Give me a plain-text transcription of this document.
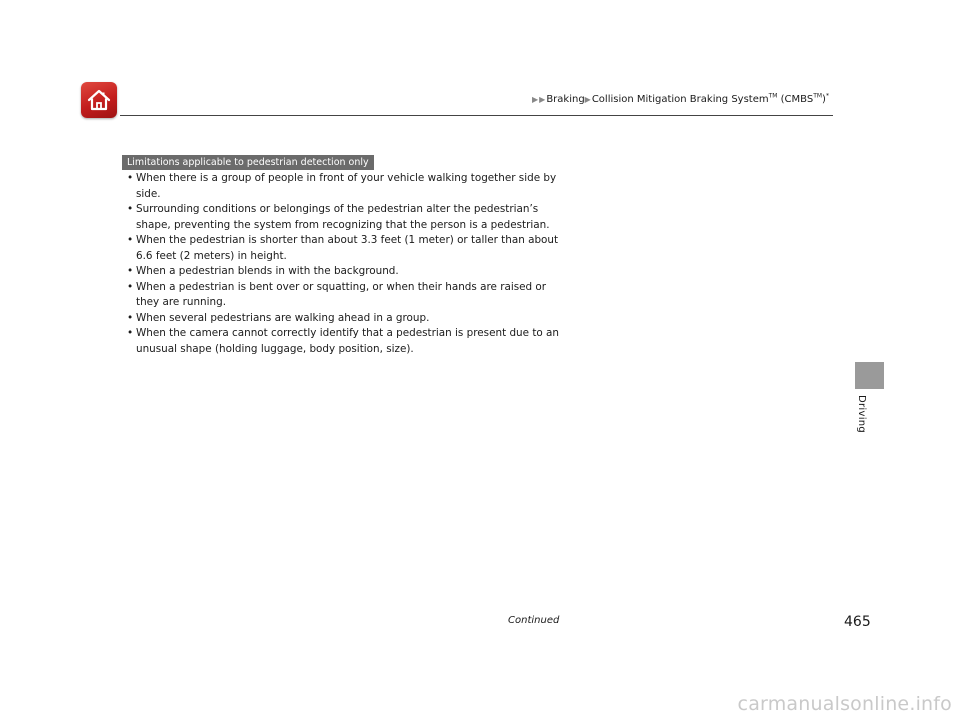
▶ ▶ Braking ▶ Collision Mitigation Braking System™ (CMBS™)*
Limitations applicable to pedestrian detection only
• When there is a group of people in front of your vehicle walking together side by side.
• Surrounding conditions or belongings of the pedestrian alter the pedestrian’s shape, preventing the system from recognizing that the person is a pedestrian.
• When the pedestrian is shorter than about 3.3 feet (1 meter) or taller than about 6.6 feet (2 meters) in height.
• When a pedestrian blends in with the background.
• When a pedestrian is bent over or squatting, or when their hands are raised or they are running.
• When several pedestrians are walking ahead in a group.
• When the camera cannot correctly identify that a pedestrian is present due to an unusual shape (holding luggage, body position, size).
Driving
Continued	465
carmanualsonline.info
